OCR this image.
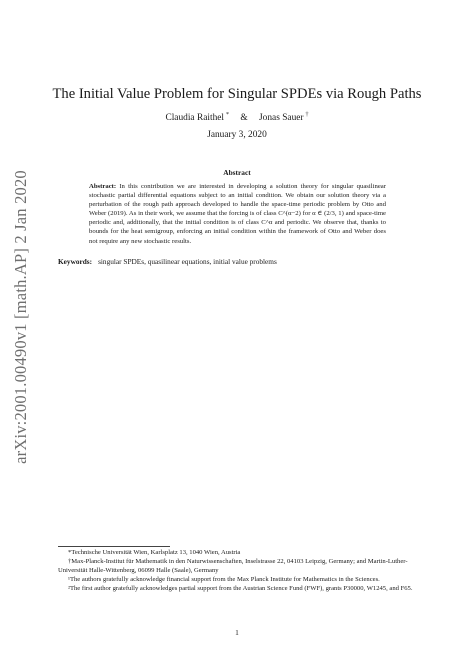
arXiv:2001.00490v1 [math.AP] 2 Jan 2020
The Initial Value Problem for Singular SPDEs via Rough Paths
Claudia Raithel * & Jonas Sauer †
January 3, 2020
Abstract
Abstract: In this contribution we are interested in developing a solution theory for singular quasilinear stochastic partial differential equations subject to an initial condition. We obtain our solution theory via a perturbation of the rough path approach developed to handle the space-time periodic problem by Otto and Weber (2019). As in their work, we assume that the forcing is of class C^(α−2) for α ∈ (2/3, 1) and space-time periodic and, additionally, that the initial condition is of class C^α and periodic. We observe that, thanks to bounds for the heat semigroup, enforcing an initial condition within the framework of Otto and Weber does not require any new stochastic results.
Keywords: singular SPDEs, quasilinear equations, initial value problems
*Technische Universität Wien, Karlsplatz 13, 1040 Wien, Austria
†Max-Planck-Institut für Mathematik in den Naturwissenschaften, Inselstrasse 22, 04103 Leipzig, Germany; and Martin-Luther-Universität Halle-Wittenberg, 06099 Halle (Saale), Germany
¹The authors gratefully acknowledge financial support from the Max Planck Institute for Mathematics in the Sciences.
²The first author gratefully acknowledges partial support from the Austrian Science Fund (FWF), grants P30000, W1245, and F65.
1
